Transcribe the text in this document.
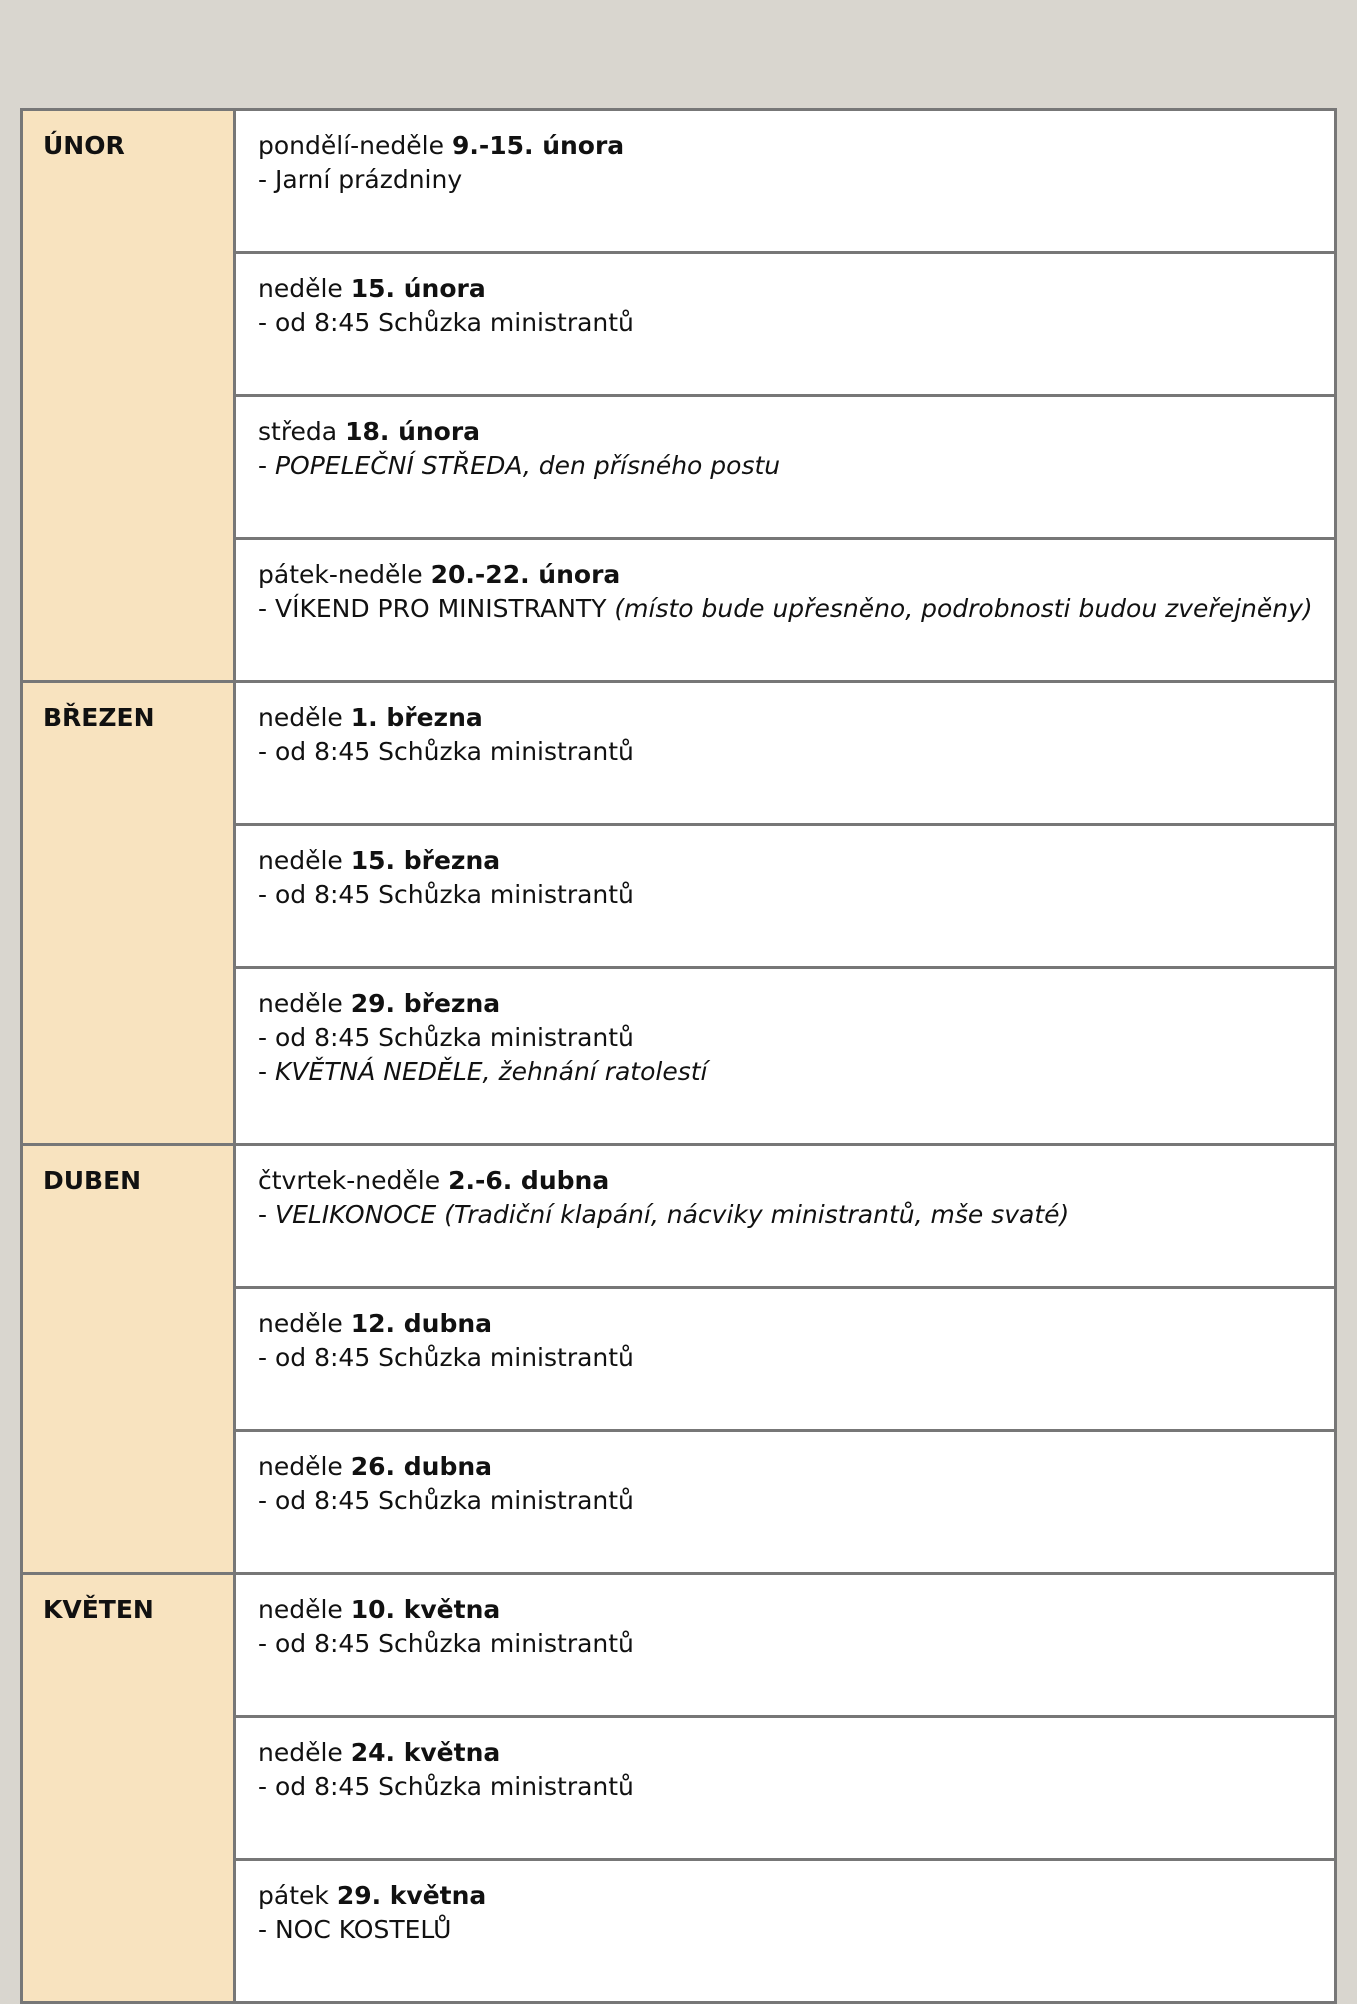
ÚNOR	pondělí-neděle 9.-15. února
- Jarní prázdniny

	neděle 15. února
- od 8:45 Schůzka ministrantů

	středa 18. února
- POPELEČNÍ STŘEDA, den přísného postu

	pátek-neděle 20.-22. února
- VÍKEND PRO MINISTRANTY (místo bude upřesněno, podrobnosti budou zveřejněny)

BŘEZEN	neděle 1. března
- od 8:45 Schůzka ministrantů

	neděle 15. března
- od 8:45 Schůzka ministrantů

	neděle 29. března
- od 8:45 Schůzka ministrantů
- KVĚTNÁ NEDĚLE, žehnání ratolestí

DUBEN	čtvrtek-neděle 2.-6. dubna
- VELIKONOCE (Tradiční klapání, nácviky ministrantů, mše svaté)

	neděle 12. dubna
- od 8:45 Schůzka ministrantů

	neděle 26. dubna
- od 8:45 Schůzka ministrantů

KVĚTEN	neděle 10. května
- od 8:45 Schůzka ministrantů

	neděle 24. května
- od 8:45 Schůzka ministrantů

	pátek 29. května
- NOC KOSTELŮ
